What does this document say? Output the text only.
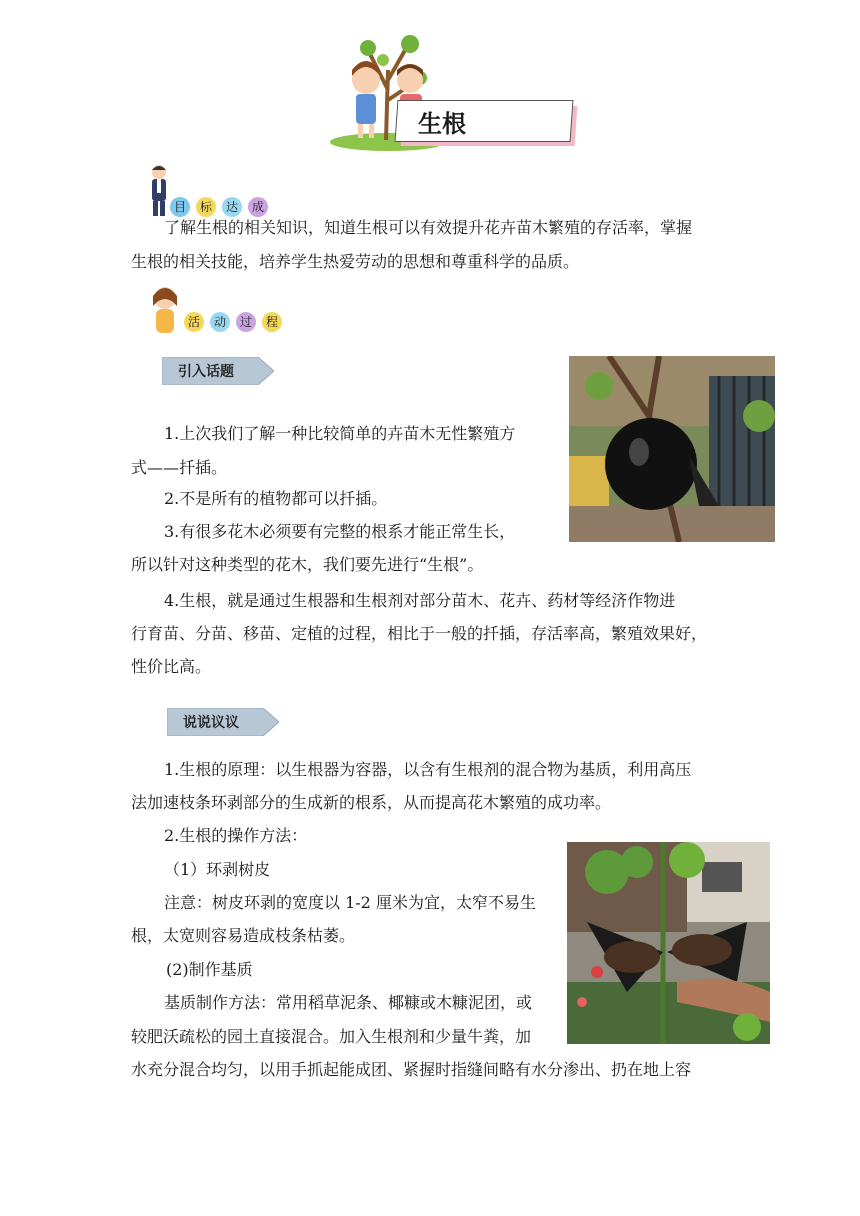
生根
目	标	达	成

了解生根的相关知识，知道生根可以有效提升花卉苗木繁殖的存活率，掌握

生根的相关技能，培养学生热爱劳动的思想和尊重科学的品质。

活	动	过	程
引入话题

1.上次我们了解一种比较简单的卉苗木无性繁殖方

式——扦插。

2.不是所有的植物都可以扦插。

3.有很多花木必须要有完整的根系才能正常生长，

所以针对这种类型的花木，我们要先进行“生根”。

4.生根，就是通过生根器和生根剂对部分苗木、花卉、药材等经济作物进

行育苗、分苗、移苗、定植的过程，相比于一般的扦插，存活率高，繁殖效果好，

性价比高。

说说议议

1.生根的原理：以生根器为容器，以含有生根剂的混合物为基质，利用高压

法加速枝条环剥部分的生成新的根系，从而提高花木繁殖的成功率。

2.生根的操作方法：

（1）环剥树皮

注意：树皮环剥的宽度以 1-2 厘米为宜，太窄不易生

根，太宽则容易造成枝条枯萎。

(2)制作基质

基质制作方法：常用稻草泥条、椰糠或木糠泥团，或

较肥沃疏松的园土直接混合。加入生根剂和少量牛粪，加

水充分混合均匀，以用手抓起能成团、紧握时指缝间略有水分渗出、扔在地上容
